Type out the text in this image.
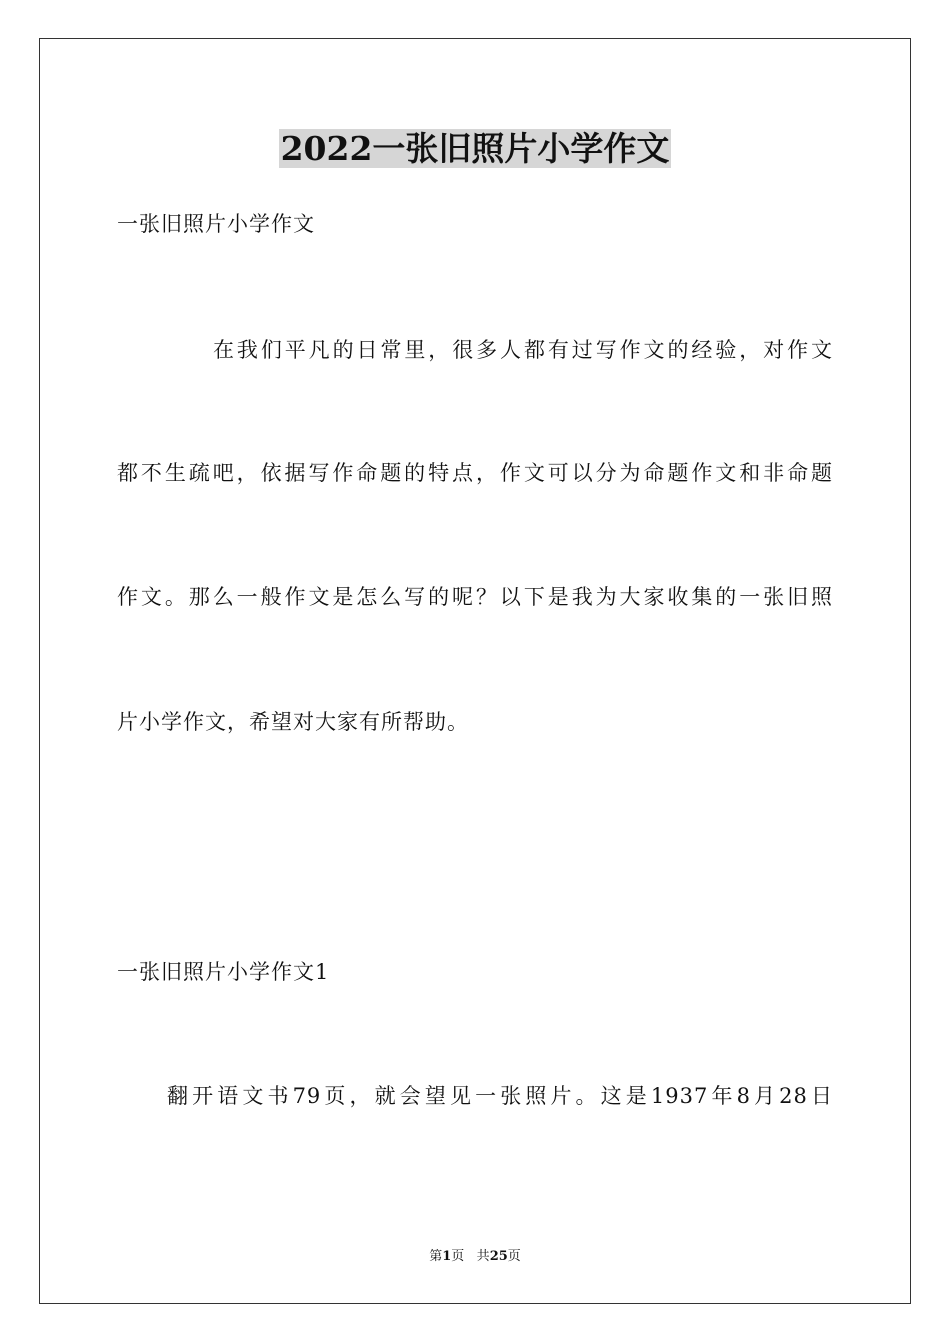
2022一张旧照片小学作文
一张旧照片小学作文
在我们平凡的日常里，很多人都有过写作文的经验，对作文
都不生疏吧，依据写作命题的特点，作文可以分为命题作文和非命题
作文。那么一般作文是怎么写的呢？以下是我为大家收集的一张旧照
片小学作文，希望对大家有所帮助。
一张旧照片小学作文1
翻开语文书79页，就会望见一张照片。这是1937年8月28日
第1页 共25页
